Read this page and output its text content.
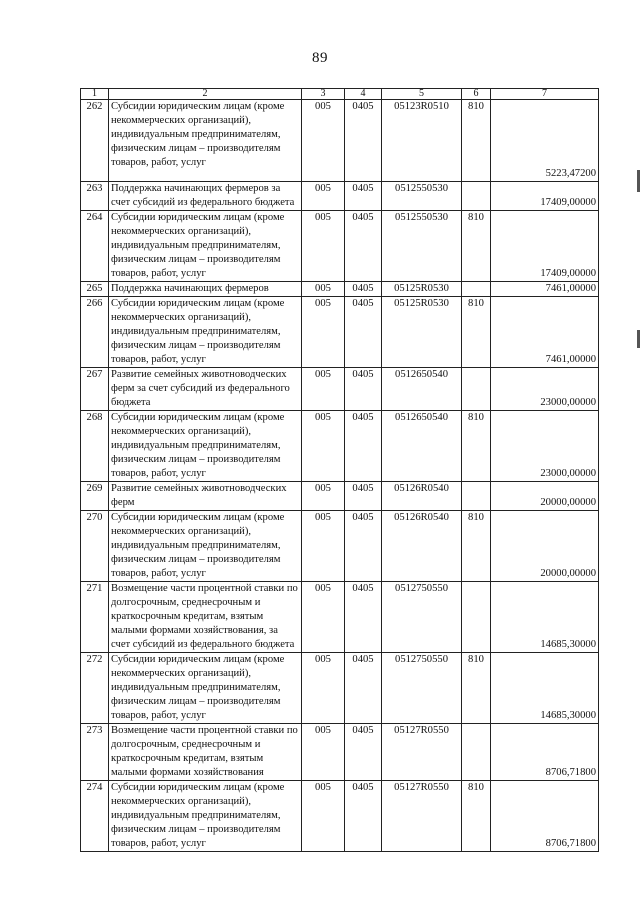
89
1	2	3	4	5	6	7
262	Субсидии юридическим лицам (кроме некоммерческих организаций), индивидуальным предпринимателям, физическим лицам – производителям товаров, работ, услуг	005	0405	05123R0510	810	5223,47200
263	Поддержка начинающих фермеров за счет субсидий из федерального бюджета	005	0405	0512550530		17409,00000
264	Субсидии юридическим лицам (кроме некоммерческих организаций), индивидуальным предпринимателям, физическим лицам – производителям товаров, работ, услуг	005	0405	0512550530	810	17409,00000
265	Поддержка начинающих фермеров	005	0405	05125R0530		7461,00000
266	Субсидии юридическим лицам (кроме некоммерческих организаций), индивидуальным предпринимателям, физическим лицам – производителям товаров, работ, услуг	005	0405	05125R0530	810	7461,00000
267	Развитие семейных животноводческих ферм за счет субсидий из федерального бюджета	005	0405	0512650540		23000,00000
268	Субсидии юридическим лицам (кроме некоммерческих организаций), индивидуальным предпринимателям, физическим лицам – производителям товаров, работ, услуг	005	0405	0512650540	810	23000,00000
269	Развитие семейных животноводческих ферм	005	0405	05126R0540		20000,00000
270	Субсидии юридическим лицам (кроме некоммерческих организаций), индивидуальным предпринимателям, физическим лицам – производителям товаров, работ, услуг	005	0405	05126R0540	810	20000,00000
271	Возмещение части процентной ставки по долгосрочным, среднесрочным и краткосрочным кредитам, взятым малыми формами хозяйствования, за счет субсидий из федерального бюджета	005	0405	0512750550		14685,30000
272	Субсидии юридическим лицам (кроме некоммерческих организаций), индивидуальным предпринимателям, физическим лицам – производителям товаров, работ, услуг	005	0405	0512750550	810	14685,30000
273	Возмещение части процентной ставки по долгосрочным, среднесрочным и краткосрочным кредитам, взятым малыми формами хозяйствования	005	0405	05127R0550		8706,71800
274	Субсидии юридическим лицам (кроме некоммерческих организаций), индивидуальным предпринимателям, физическим лицам – производителям товаров, работ, услуг	005	0405	05127R0550	810	8706,71800
